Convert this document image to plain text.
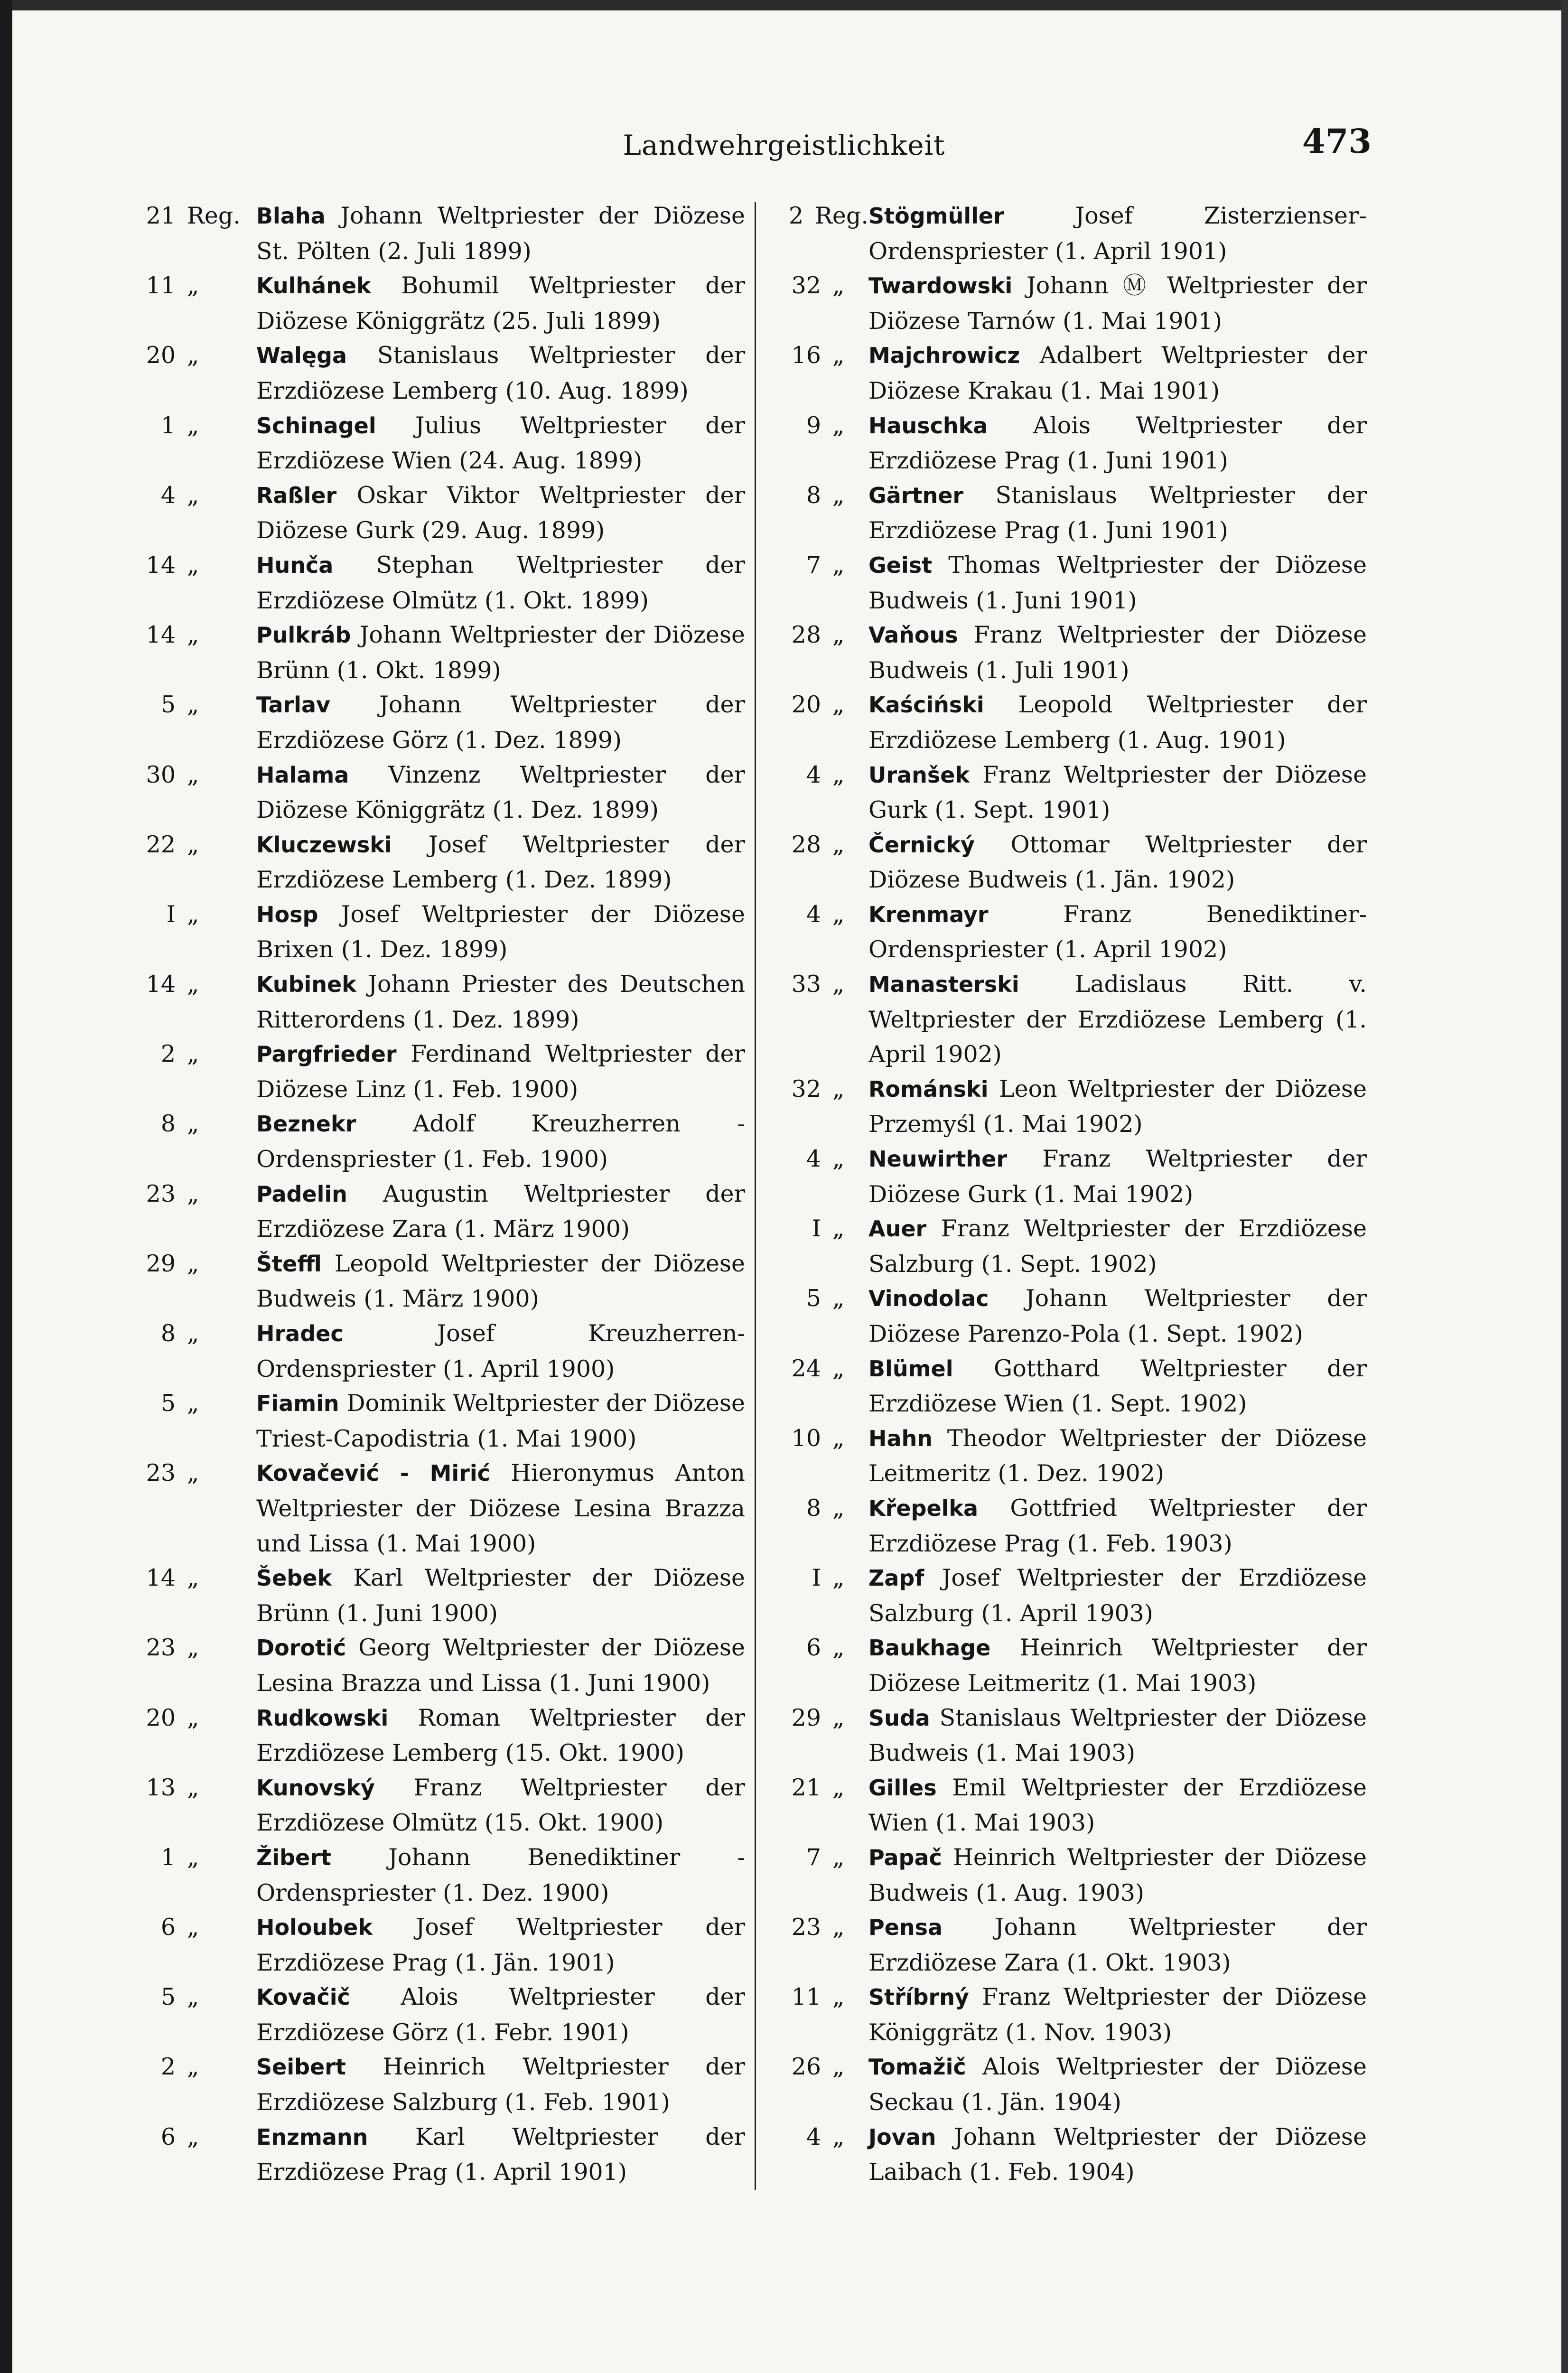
Landwehrgeistlichkeit	473
21 Reg. Blaha Johann Weltpriester der Diözese St. Pölten (2. Juli 1899)
11 „	Kulhánek Bohumil Weltpriester der Diözese Königgrätz (25. Juli 1899)
20 „	Walęga Stanislaus Weltpriester der Erzdiözese Lemberg (10. Aug. 1899)
1 „	Schinagel Julius Weltpriester der Erzdiözese Wien (24. Aug. 1899)
4 „	Raßler Oskar Viktor Weltpriester der Diözese Gurk (29. Aug. 1899)
14 „	Hunča Stephan Weltpriester der Erzdiözese Olmütz (1. Okt. 1899)
14 „	Pulkráb Johann Weltpriester der Diözese Brünn (1. Okt. 1899)
5 „	Tarlav Johann Weltpriester der Erzdiözese Görz (1. Dez. 1899)
30 „	Halama Vinzenz Weltpriester der Diözese Königgrätz (1. Dez. 1899)
22 „	Kluczewski Josef Weltpriester der Erzdiözese Lemberg (1. Dez. 1899)
I „	Hosp Josef Weltpriester der Diözese Brixen (1. Dez. 1899)
14 „	Kubinek Johann Priester des Deutschen Ritterordens (1. Dez. 1899)
2 „	Pargfrieder Ferdinand Weltpriester der Diözese Linz (1. Feb. 1900)
8 „	Beznekr Adolf Kreuzherren - Ordenspriester (1. Feb. 1900)
23 „	Padelin Augustin Weltpriester der Erzdiözese Zara (1. März 1900)
29 „	Šteffl Leopold Weltpriester der Diözese Budweis (1. März 1900)
8 „	Hradec	Josef Kreuzherren-Ordenspriester (1. April 1900)
5 „	Fiamin Dominik Weltpriester der Diözese Triest-Capodistria (1. Mai 1900)
23 „	Kovačević - Mirić Hieronymus Anton Weltpriester der Diözese Lesina Brazza und Lissa (1. Mai 1900)
14 „	Šebek Karl Weltpriester der Diözese Brünn (1. Juni 1900)
23 „	Dorotić Georg Weltpriester der Diözese Lesina Brazza und Lissa (1. Juni 1900)
20 „	Rudkowski Roman Weltpriester der Erzdiözese Lemberg (15. Okt. 1900)
13 „	Kunovský Franz Weltpriester der Erzdiözese Olmütz (15. Okt. 1900)
1 „	Žibert Johann Benediktiner - Ordenspriester (1. Dez. 1900)
6 „	Holoubek Josef Weltpriester der Erzdiözese Prag (1. Jän. 1901)
5 „	Kovačič Alois Weltpriester der Erzdiözese Görz (1. Febr. 1901)
2 „	Seibert Heinrich Weltpriester der Erzdiözese Salzburg (1. Feb. 1901)
6 „	Enzmann Karl Weltpriester der Erzdiözese Prag (1. April 1901)
2 Reg. Stögmüller	Josef Zisterzienser-Ordenspriester (1. April 1901)
32 „	Twardowski Johann Ⓜ Weltpriester der Diözese Tarnów (1. Mai 1901)
16 „	Majchrowicz Adalbert Weltpriester der Diözese Krakau (1. Mai 1901)
9 „	Hauschka Alois Weltpriester der Erzdiözese Prag (1. Juni 1901)
8 „	Gärtner Stanislaus Weltpriester der Erzdiözese Prag (1. Juni 1901)
7 „	Geist Thomas Weltpriester der Diözese Budweis (1. Juni 1901)
28 „	Vaňous Franz Weltpriester der Diözese Budweis (1. Juli 1901)
20 „	Kaściński Leopold Weltpriester der Erzdiözese Lemberg (1. Aug. 1901)
4 „	Uranšek Franz Weltpriester der Diözese Gurk (1. Sept. 1901)
28 „	Černický Ottomar Weltpriester der Diözese Budweis (1. Jän. 1902)
4 „	Krenmayr	Franz Benediktiner-Ordenspriester (1. April 1902)
33 „	Manasterski Ladislaus Ritt. v. Weltpriester der Erzdiözese Lemberg (1. April 1902)
32 „	Románski Leon Weltpriester der Diözese Przemyśl (1. Mai 1902)
4 „	Neuwirther Franz Weltpriester der Diözese Gurk (1. Mai 1902)
I „	Auer Franz Weltpriester der Erzdiözese Salzburg (1. Sept. 1902)
5 „	Vinodolac Johann Weltpriester der Diözese Parenzo-Pola (1. Sept. 1902)
24 „	Blümel Gotthard Weltpriester der Erzdiözese Wien (1. Sept. 1902)
10 „	Hahn Theodor Weltpriester der Diözese Leitmeritz (1. Dez. 1902)
8 „	Křepelka Gottfried Weltpriester der Erzdiözese Prag (1. Feb. 1903)
I „	Zapf Josef Weltpriester der Erzdiözese Salzburg (1. April 1903)
6 „	Baukhage Heinrich Weltpriester der Diözese Leitmeritz (1. Mai 1903)
29 „	Suda Stanislaus Weltpriester der Diözese Budweis (1. Mai 1903)
21 „	Gilles Emil Weltpriester der Erzdiözese Wien (1. Mai 1903)
7 „	Papač Heinrich Weltpriester der Diözese Budweis (1. Aug. 1903)
23 „	Pensa Johann Weltpriester der Erzdiözese Zara (1. Okt. 1903)
11 „	Stříbrný Franz Weltpriester der Diözese Königgrätz (1. Nov. 1903)
26 „	Tomažič Alois Weltpriester der Diözese Seckau (1. Jän. 1904)
4 „	Jovan Johann Weltpriester der Diözese Laibach (1. Feb. 1904)
